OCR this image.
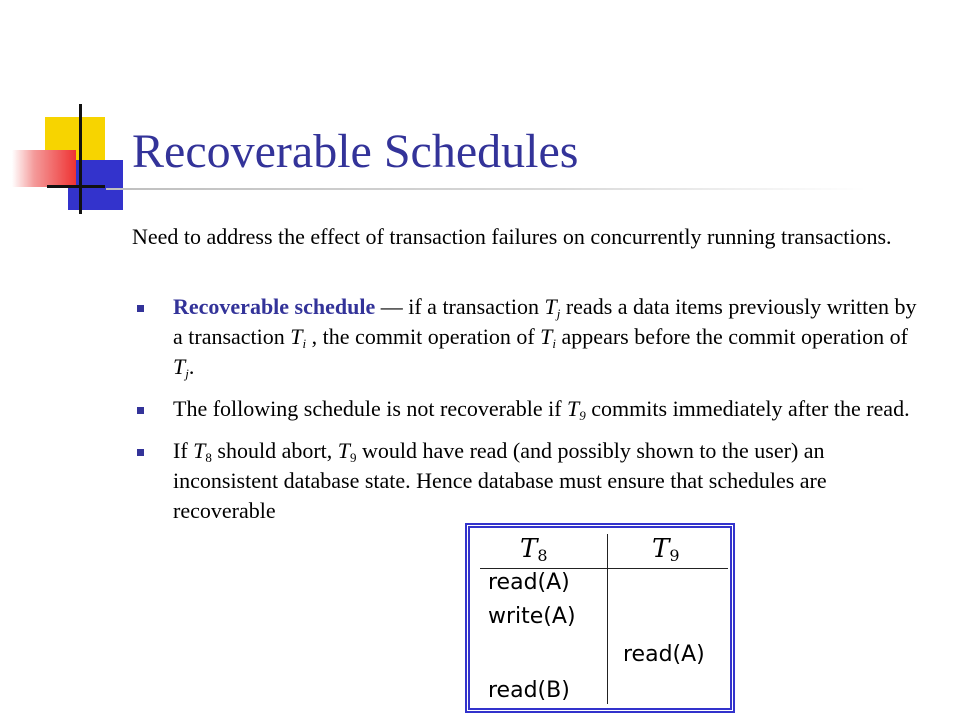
Recoverable Schedules
Need to address the effect of transaction failures on concurrently running transactions.
Recoverable schedule — if a transaction $T_j$ reads a data items previously written by a transaction $T_i$ , the commit operation of $T_i$ appears before the commit operation of $T_j$.
The following schedule is not recoverable if $T_9$ commits immediately after the read.
If $T_8$ should abort, $T_9$ would have read (and possibly shown to the user) an inconsistent database state. Hence database must ensure that schedules are recoverable
$T_8$	$T_9$
read(A)
write(A)
read(A)
read(B)
